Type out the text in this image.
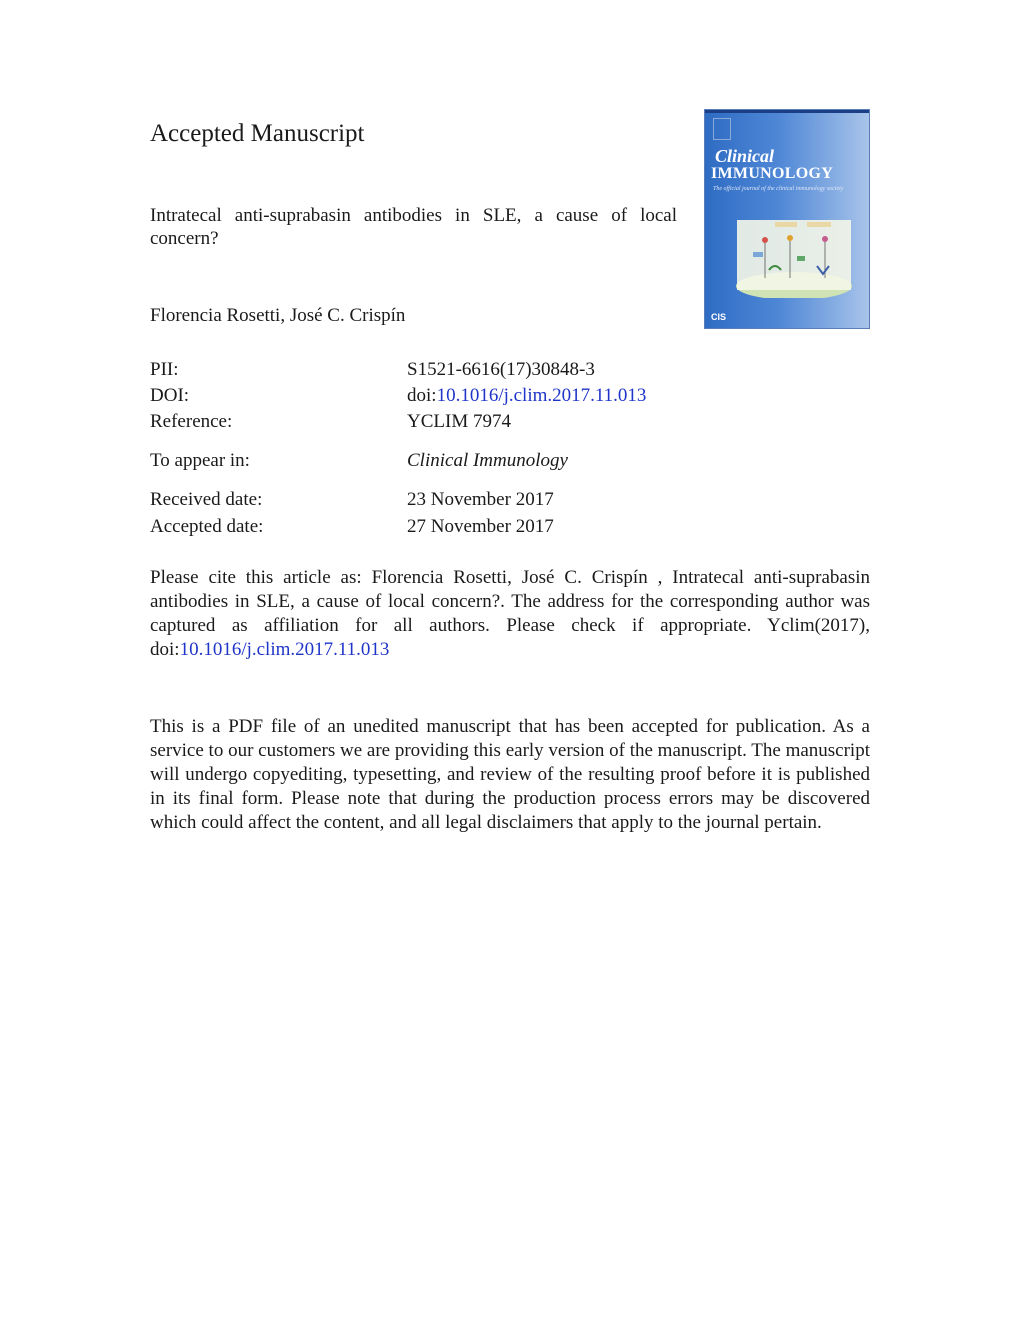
Accepted Manuscript
Clinical
IMMUNOLOGY
The official journal of the clinical immunology society
CIS
Intratecal anti-suprabasin antibodies in SLE, a cause of local concern?
Florencia Rosetti, José C. Crispín
PII:	S1521-6616(17)30848-3
DOI:	doi:10.1016/j.clim.2017.11.013
Reference:	YCLIM 7974
To appear in:	Clinical Immunology
Received date:	23 November 2017
Accepted date:	27 November 2017
Please cite this article as: Florencia Rosetti, José C. Crispín , Intratecal anti-suprabasin antibodies in SLE, a cause of local concern?. The address for the corresponding author was captured as affiliation for all authors. Please check if appropriate. Yclim(2017), doi:10.1016/j.clim.2017.11.013
This is a PDF file of an unedited manuscript that has been accepted for publication. As a service to our customers we are providing this early version of the manuscript. The manuscript will undergo copyediting, typesetting, and review of the resulting proof before it is published in its final form. Please note that during the production process errors may be discovered which could affect the content, and all legal disclaimers that apply to the journal pertain.
